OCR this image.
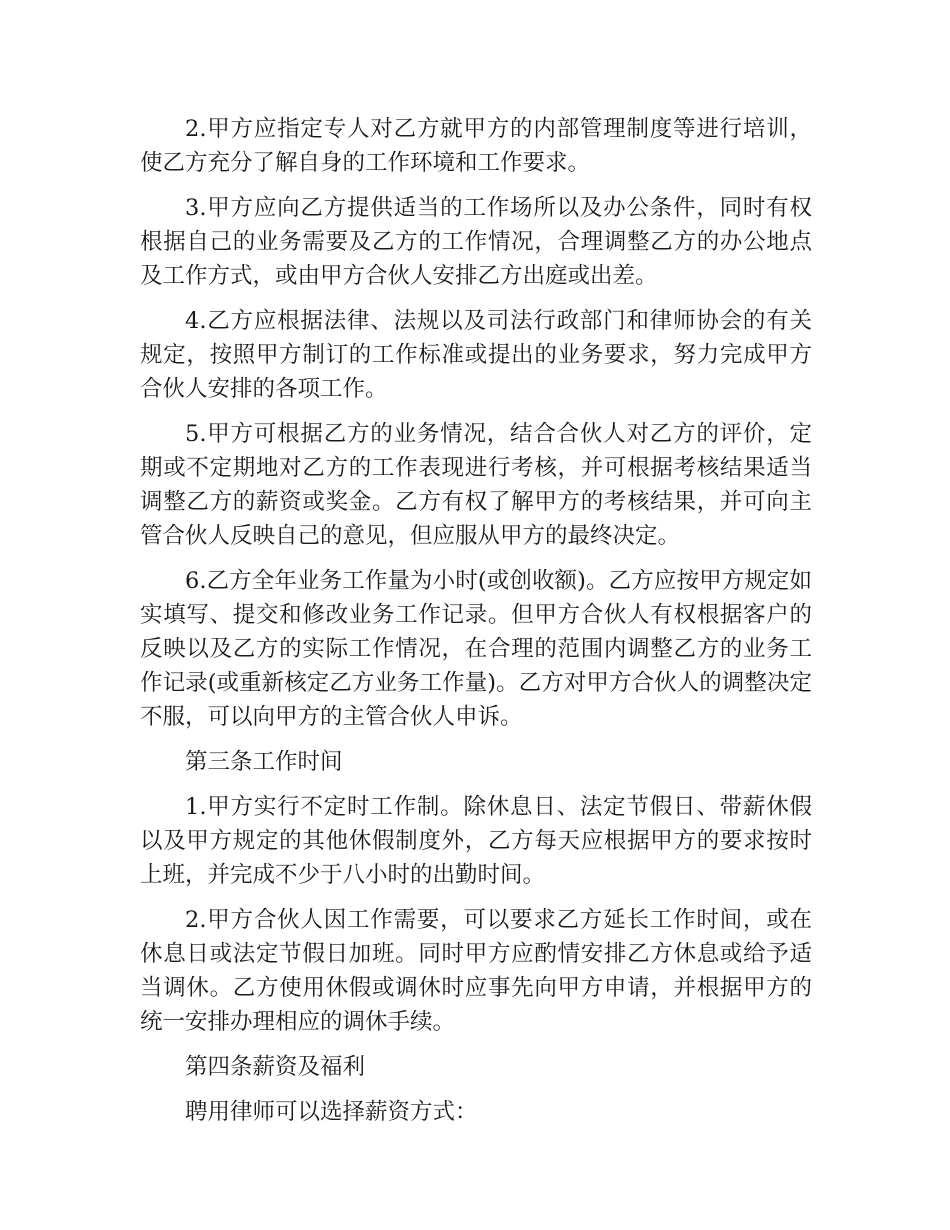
2.甲方应指定专人对乙方就甲方的内部管理制度等进行培训，使乙方充分了解自身的工作环境和工作要求。

3.甲方应向乙方提供适当的工作场所以及办公条件，同时有权根据自己的业务需要及乙方的工作情况，合理调整乙方的办公地点及工作方式，或由甲方合伙人安排乙方出庭或出差。

4.乙方应根据法律、法规以及司法行政部门和律师协会的有关规定，按照甲方制订的工作标准或提出的业务要求，努力完成甲方合伙人安排的各项工作。

5.甲方可根据乙方的业务情况，结合合伙人对乙方的评价，定期或不定期地对乙方的工作表现进行考核，并可根据考核结果适当调整乙方的薪资或奖金。乙方有权了解甲方的考核结果，并可向主管合伙人反映自己的意见，但应服从甲方的最终决定。

6.乙方全年业务工作量为小时(或创收额)。乙方应按甲方规定如实填写、提交和修改业务工作记录。但甲方合伙人有权根据客户的反映以及乙方的实际工作情况，在合理的范围内调整乙方的业务工作记录(或重新核定乙方业务工作量)。乙方对甲方合伙人的调整决定不服，可以向甲方的主管合伙人申诉。

第三条工作时间

1.甲方实行不定时工作制。除休息日、法定节假日、带薪休假以及甲方规定的其他休假制度外，乙方每天应根据甲方的要求按时上班，并完成不少于八小时的出勤时间。

2.甲方合伙人因工作需要，可以要求乙方延长工作时间，或在休息日或法定节假日加班。同时甲方应酌情安排乙方休息或给予适当调休。乙方使用休假或调休时应事先向甲方申请，并根据甲方的统一安排办理相应的调休手续。

第四条薪资及福利

聘用律师可以选择薪资方式：
